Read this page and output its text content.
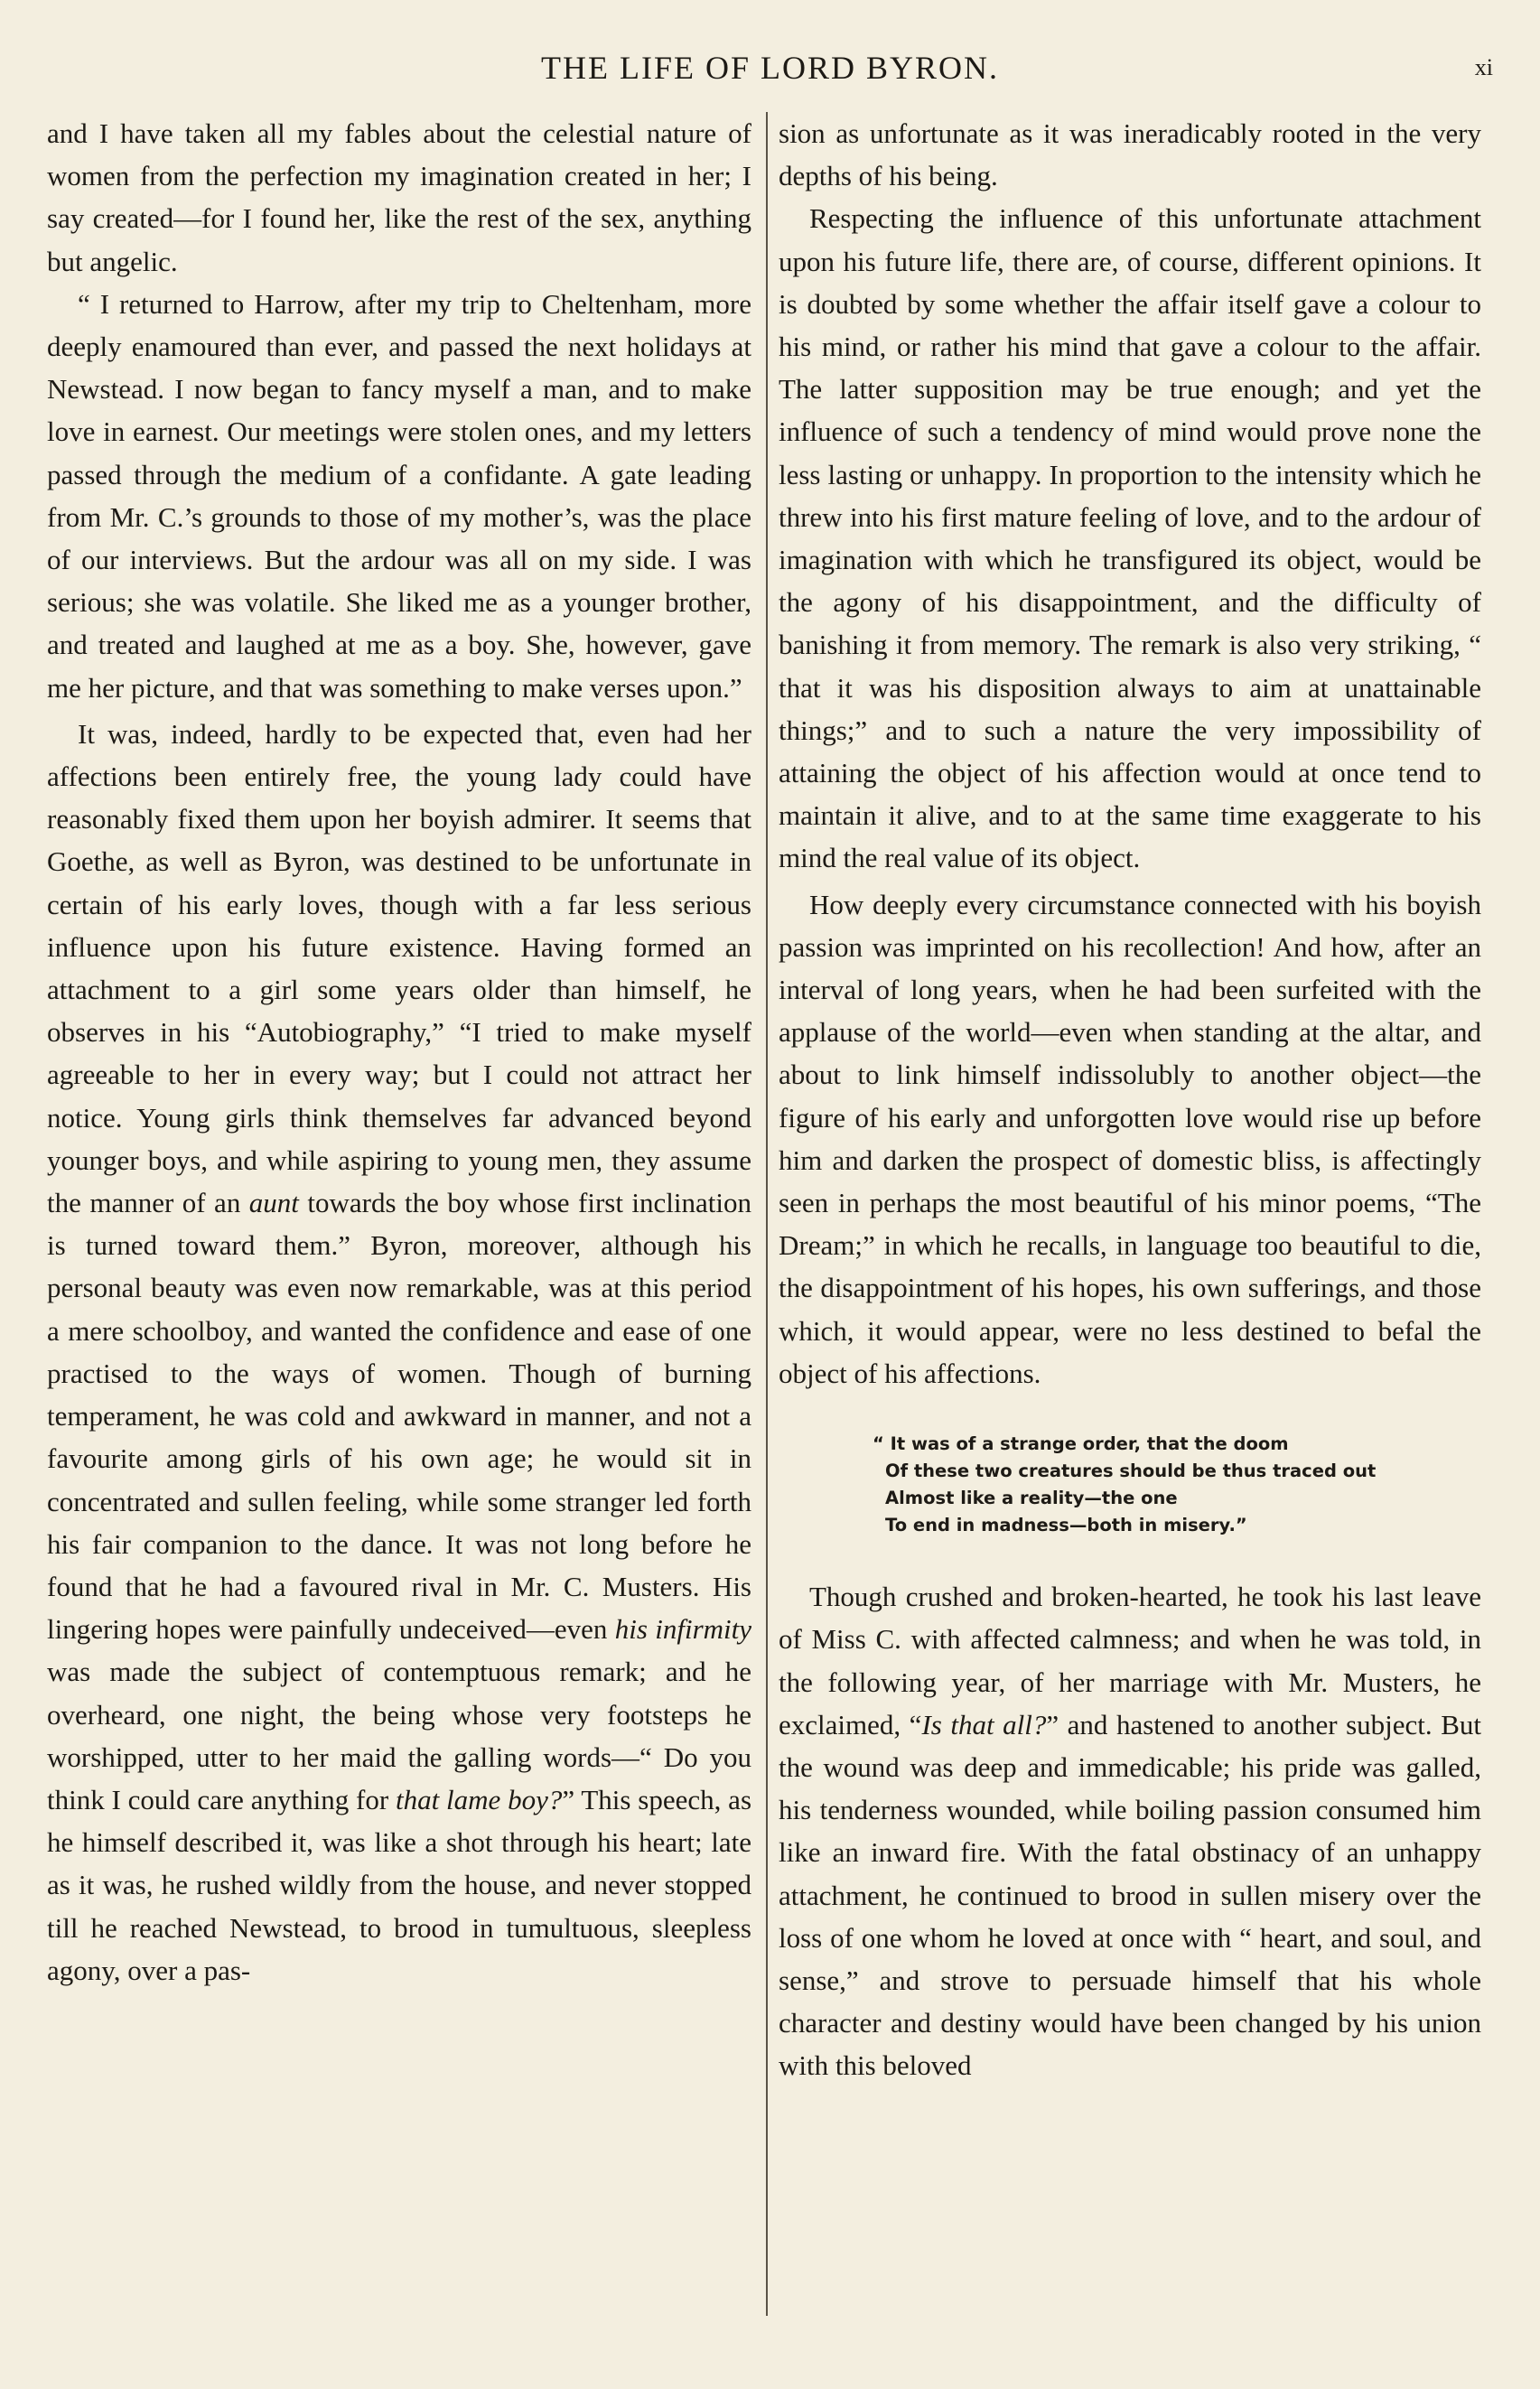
THE LIFE OF LORD BYRON.	xi

and I have taken all my fables about the celestial nature of women from the perfection my imagination created in her; I say created—for I found her, like the rest of the sex, anything but angelic.

“ I returned to Harrow, after my trip to Cheltenham, more deeply enamoured than ever, and passed the next holidays at Newstead. I now began to fancy myself a man, and to make love in earnest. Our meetings were stolen ones, and my letters passed through the medium of a confidante. A gate leading from Mr. C.’s grounds to those of my mother’s, was the place of our interviews. But the ardour was all on my side. I was serious; she was volatile. She liked me as a younger brother, and treated and laughed at me as a boy. She, however, gave me her picture, and that was something to make verses upon.”

It was, indeed, hardly to be expected that, even had her affections been entirely free, the young lady could have reasonably fixed them upon her boyish admirer. It seems that Goethe, as well as Byron, was destined to be unfortunate in certain of his early loves, though with a far less serious influence upon his future existence. Having formed an attachment to a girl some years older than himself, he observes in his “Autobiography,” “I tried to make myself agreeable to her in every way; but I could not attract her notice. Young girls think themselves far advanced beyond younger boys, and while aspiring to young men, they assume the manner of an aunt towards the boy whose first inclination is turned toward them.” Byron, moreover, although his personal beauty was even now remarkable, was at this period a mere schoolboy, and wanted the confidence and ease of one practised to the ways of women. Though of burning temperament, he was cold and awkward in manner, and not a favourite among girls of his own age; he would sit in concentrated and sullen feeling, while some stranger led forth his fair companion to the dance. It was not long before he found that he had a favoured rival in Mr. C. Musters. His lingering hopes were painfully undeceived—even his infirmity was made the subject of contemptuous remark; and he overheard, one night, the being whose very footsteps he worshipped, utter to her maid the galling words—“ Do you think I could care anything for that lame boy?” This speech, as he himself described it, was like a shot through his heart; late as it was, he rushed wildly from the house, and never stopped till he reached Newstead, to brood in tumultuous, sleepless agony, over a pas-

sion as unfortunate as it was ineradicably rooted in the very depths of his being.

Respecting the influence of this unfortunate attachment upon his future life, there are, of course, different opinions. It is doubted by some whether the affair itself gave a colour to his mind, or rather his mind that gave a colour to the affair. The latter supposition may be true enough; and yet the influence of such a tendency of mind would prove none the less lasting or unhappy. In proportion to the intensity which he threw into his first mature feeling of love, and to the ardour of imagination with which he transfigured its object, would be the agony of his disappointment, and the difficulty of banishing it from memory. The remark is also very striking, “ that it was his disposition always to aim at unattainable things;” and to such a nature the very impossibility of attaining the object of his affection would at once tend to maintain it alive, and to at the same time exaggerate to his mind the real value of its object.

How deeply every circumstance connected with his boyish passion was imprinted on his recollection! And how, after an interval of long years, when he had been surfeited with the applause of the world—even when standing at the altar, and about to link himself indissolubly to another object—the figure of his early and unforgotten love would rise up before him and darken the prospect of domestic bliss, is affectingly seen in perhaps the most beautiful of his minor poems, “The Dream;” in which he recalls, in language too beautiful to die, the disappointment of his hopes, his own sufferings, and those which, it would appear, were no less destined to befal the object of his affections.

“ It was of a strange order, that the doom
Of these two creatures should be thus traced out
Almost like a reality—the one
To end in madness—both in misery.”

Though crushed and broken-hearted, he took his last leave of Miss C. with affected calmness; and when he was told, in the following year, of her marriage with Mr. Musters, he exclaimed, “Is that all?” and hastened to another subject. But the wound was deep and immedicable; his pride was galled, his tenderness wounded, while boiling passion consumed him like an inward fire. With the fatal obstinacy of an unhappy attachment, he continued to brood in sullen misery over the loss of one whom he loved at once with “ heart, and soul, and sense,” and strove to persuade himself that his whole character and destiny would have been changed by his union with this beloved
